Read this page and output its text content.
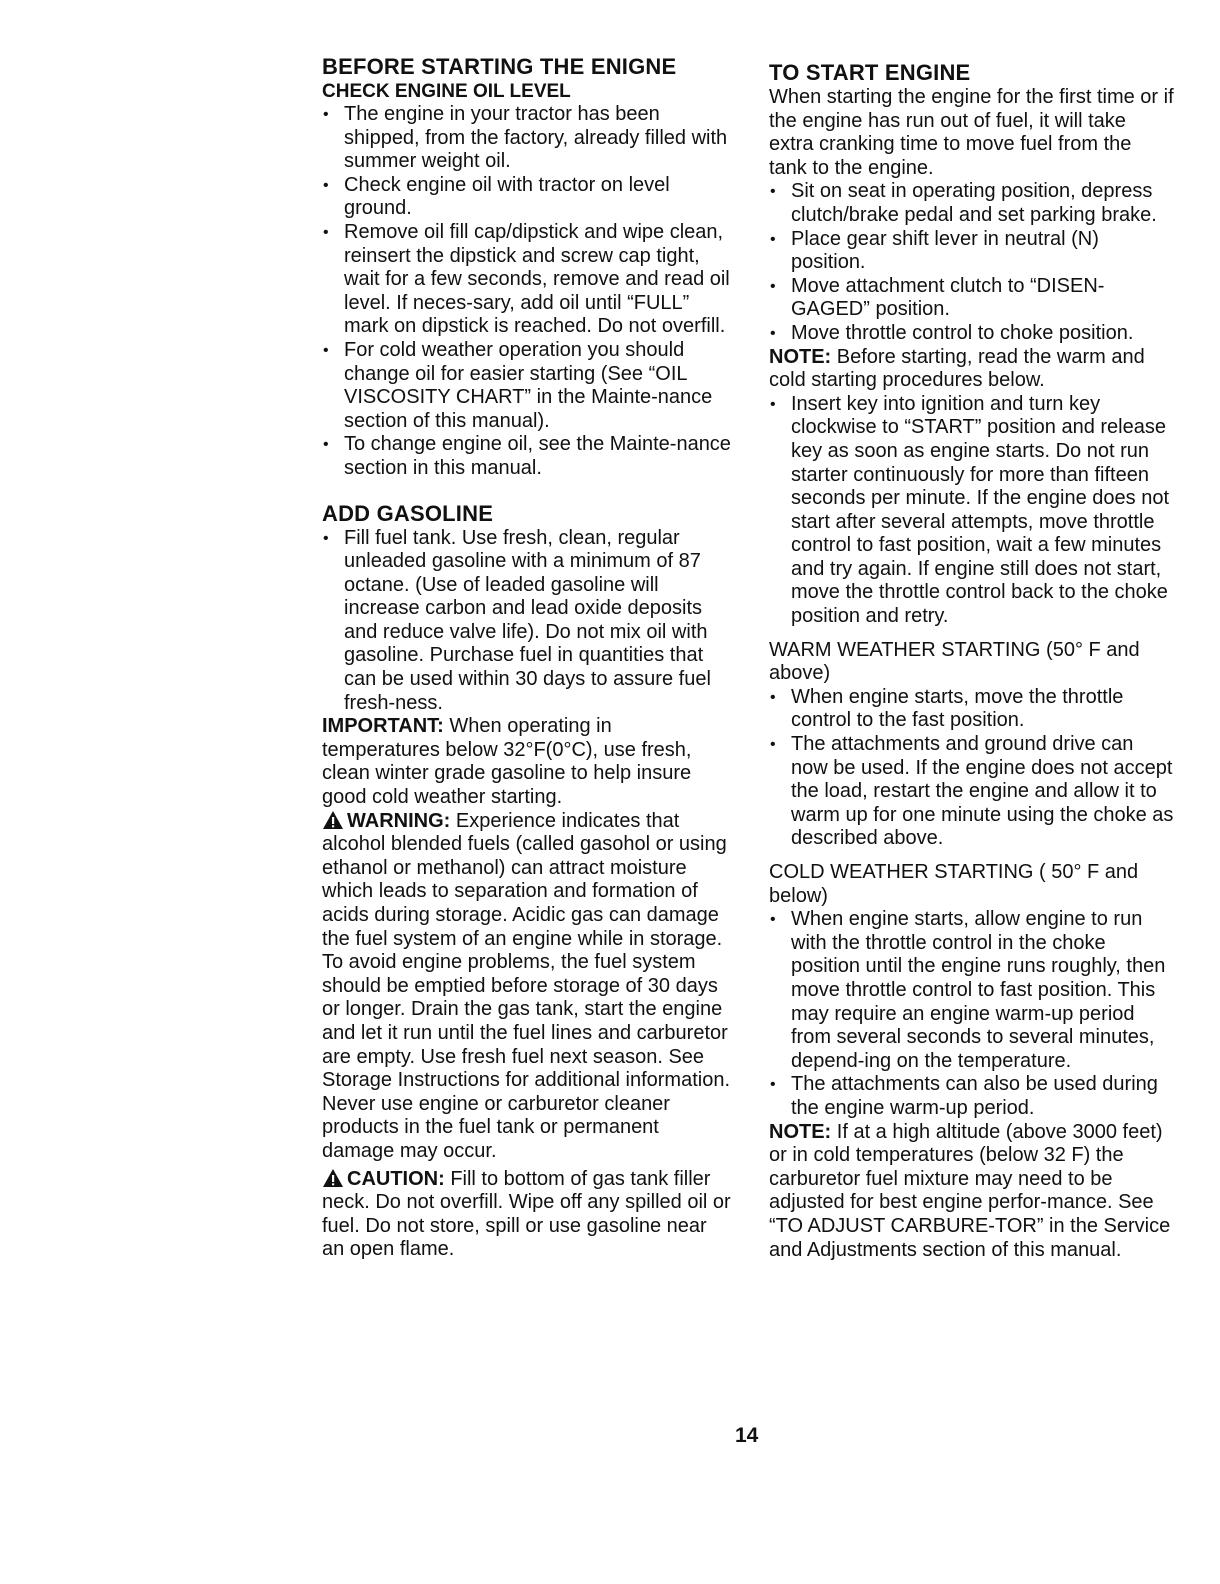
BEFORE STARTING THE ENIGNE
CHECK ENGINE OIL LEVEL
• The engine in your tractor has been shipped, from the factory, already filled with summer weight oil.
• Check engine oil with tractor on level ground.
• Remove oil fill cap/dipstick and wipe clean, reinsert the dipstick and screw cap tight, wait for a few seconds, remove and read oil level. If neces-sary, add oil until “FULL” mark on dipstick is reached. Do not overfill.
• For cold weather operation you should change oil for easier starting (See “OIL VISCOSITY CHART” in the Mainte-nance section of this manual).
• To change engine oil, see the Mainte-nance section in this manual.
ADD GASOLINE
• Fill fuel tank. Use fresh, clean, regular unleaded gasoline with a minimum of 87 octane. (Use of leaded gasoline will increase carbon and lead oxide deposits and reduce valve life). Do not mix oil with gasoline. Purchase fuel in quantities that can be used within 30 days to assure fuel fresh-ness.

IMPORTANT: When operating in temperatures below 32°F(0°C), use fresh, clean winter grade gasoline to help insure good cold weather starting.

WARNING: Experience indicates that alcohol blended fuels (called gasohol or using ethanol or methanol) can attract moisture which leads to separation and formation of acids during storage. Acidic gas can damage the fuel system of an engine while in storage. To avoid engine problems, the fuel system should be emptied before storage of 30 days or longer. Drain the gas tank, start the engine and let it run until the fuel lines and carburetor are empty. Use fresh fuel next season. See Storage Instructions for additional information. Never use engine or carburetor cleaner products in the fuel tank or permanent damage may occur.

CAUTION: Fill to bottom of gas tank filler neck. Do not overfill. Wipe off any spilled oil or fuel. Do not store, spill or use gasoline near an open flame.

TO START ENGINE

When starting the engine for the first time or if the engine has run out of fuel, it will take extra cranking time to move fuel from the tank to the engine.

• Sit on seat in operating position, depress clutch/brake pedal and set parking brake.
• Place gear shift lever in neutral (N) position.
• Move attachment clutch to “DISEN-GAGED” position.
• Move throttle control to choke position.

NOTE: Before starting, read the warm and cold starting procedures below.

• Insert key into ignition and turn key clockwise to “START” position and release key as soon as engine starts. Do not run starter continuously for more than fifteen seconds per minute. If the engine does not start after several attempts, move throttle control to fast position, wait a few minutes and try again. If engine still does not start, move the throttle control back to the choke position and retry.

WARM WEATHER STARTING (50° F and above)

• When engine starts, move the throttle control to the fast position.
• The attachments and ground drive can now be used. If the engine does not accept the load, restart the engine and allow it to warm up for one minute using the choke as described above.

COLD WEATHER STARTING ( 50° F and below)

• When engine starts, allow engine to run with the throttle control in the choke position until the engine runs roughly, then move throttle control to fast position. This may require an engine warm-up period from several seconds to several minutes, depend-ing on the temperature.
• The attachments can also be used during the engine warm-up period.

NOTE: If at a high altitude (above 3000 feet) or in cold temperatures (below 32 F) the carburetor fuel mixture may need to be adjusted for best engine perfor-mance. See “TO ADJUST CARBURE-TOR” in the Service and Adjustments section of this manual.

14
